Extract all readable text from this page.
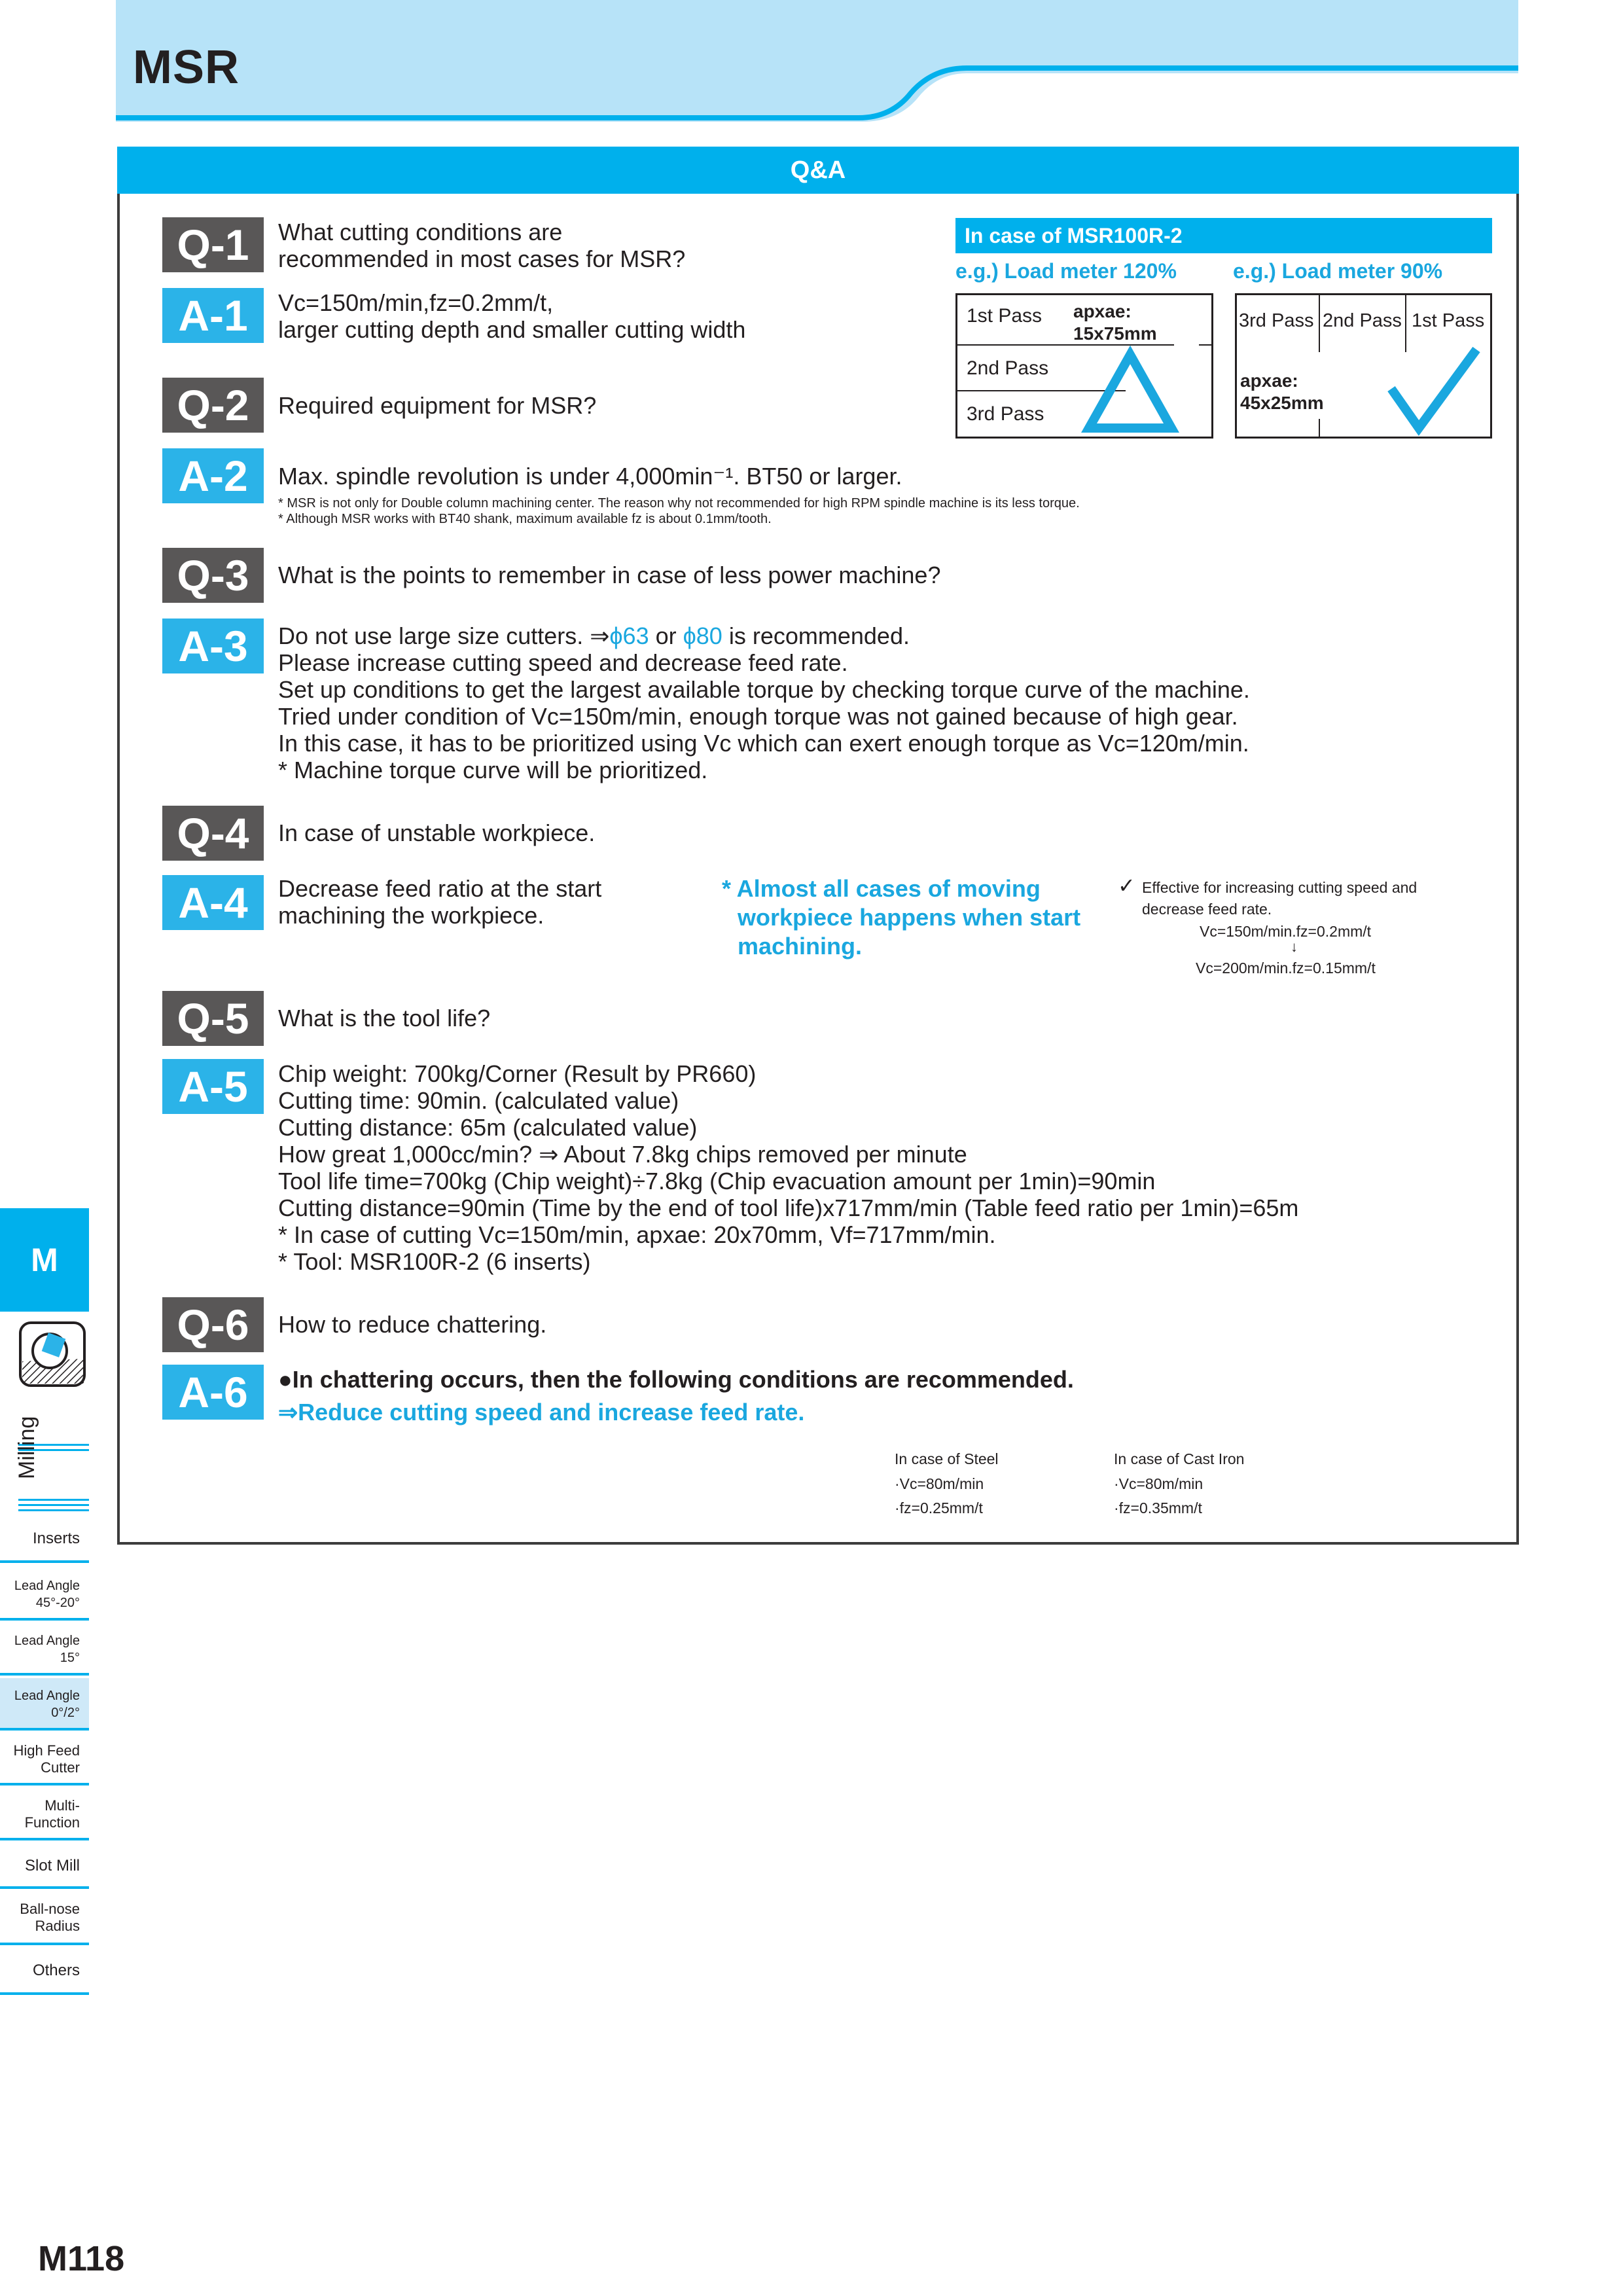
MSR
Q&A
Q-1	What cutting conditions are
recommended in most cases for MSR?
A-1	Vc=150m/min,fz=0.2mm/t,
larger cutting depth and smaller cutting width
Q-2	Required equipment for MSR?
A-2	Max. spindle revolution is under 4,000min⁻¹. BT50 or larger.
* MSR is not only for Double column machining center. The reason why not recommended for high RPM spindle machine is its less torque.
* Although MSR works with BT40 shank, maximum available fz is about 0.1mm/tooth.
In case of MSR100R-2
e.g.) Load meter 120%	e.g.) Load meter 90%
1st Pass
2nd Pass
3rd Pass
apxae:
15x75mm
3rd Pass 2nd Pass 1st Pass
apxae:
45x25mm
Q-3	What is the points to remember in case of less power machine?
A-3	Do not use large size cutters. ⇒ϕ63 or ϕ80 is recommended.
Please increase cutting speed and decrease feed rate.
Set up conditions to get the largest available torque by checking torque curve of the machine.
Tried under condition of Vc=150m/min, enough torque was not gained because of high gear.
In this case, it has to be prioritized using Vc which can exert enough torque as Vc=120m/min.
* Machine torque curve will be prioritized.
Q-4	In case of unstable workpiece.
A-4	Decrease feed ratio at the start
machining the workpiece.
* Almost all cases of moving
workpiece happens when start
machining.
✓ Effective for increasing cutting speed and
decrease feed rate.
Vc=150m/min.fz=0.2mm/t
↓
Vc=200m/min.fz=0.15mm/t
Q-5	What is the tool life?
A-5	Chip weight: 700kg/Corner (Result by PR660)
Cutting time: 90min. (calculated value)
Cutting distance: 65m (calculated value)
How great 1,000cc/min? ⇒ About 7.8kg chips removed per minute
Tool life time=700kg (Chip weight)÷7.8kg (Chip evacuation amount per 1min)=90min
Cutting distance=90min (Time by the end of tool life)x717mm/min (Table feed ratio per 1min)=65m
* In case of cutting Vc=150m/min, apxae: 20x70mm, Vf=717mm/min.
* Tool: MSR100R-2 (6 inserts)
Q-6	How to reduce chattering.
A-6	●In chattering occurs, then the following conditions are recommended.
⇒Reduce cutting speed and increase feed rate.
In case of Steel
·Vc=80m/min
·fz=0.25mm/t
In case of Cast Iron
·Vc=80m/min
·fz=0.35mm/t
M
Milling
Inserts
Lead Angle
45°-20°
Lead Angle
15°
Lead Angle
0°/2°
High Feed
Cutter
Multi-
Function
Slot Mill
Ball-nose
Radius
Others
M118
